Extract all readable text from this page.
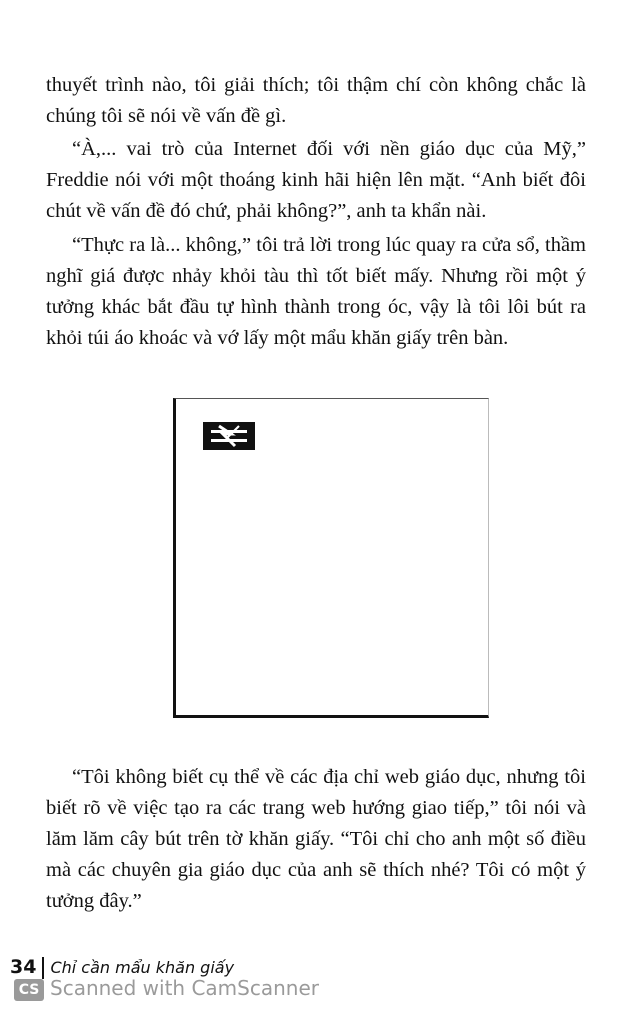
thuyết trình nào, tôi giải thích; tôi thậm chí còn không chắc là chúng tôi sẽ nói về vấn đề gì.

“À,... vai trò của Internet đối với nền giáo dục của Mỹ,” Freddie nói với một thoáng kinh hãi hiện lên mặt. “Anh biết đôi chút về vấn đề đó chứ, phải không?”, anh ta khẩn nài.

“Thực ra là... không,” tôi trả lời trong lúc quay ra cửa sổ, thầm nghĩ giá được nhảy khỏi tàu thì tốt biết mấy. Nhưng rồi một ý tưởng khác bắt đầu tự hình thành trong óc, vậy là tôi lôi bút ra khỏi túi áo khoác và vớ lấy một mẩu khăn giấy trên bàn.

“Tôi không biết cụ thể về các địa chỉ web giáo dục, nhưng tôi biết rõ về việc tạo ra các trang web hướng giao tiếp,” tôi nói và lăm lăm cây bút trên tờ khăn giấy. “Tôi chỉ cho anh một số điều mà các chuyên gia giáo dục của anh sẽ thích nhé? Tôi có một ý tưởng đây.”

34 Chỉ cần mẩu khăn giấy
CS Scanned with CamScanner
